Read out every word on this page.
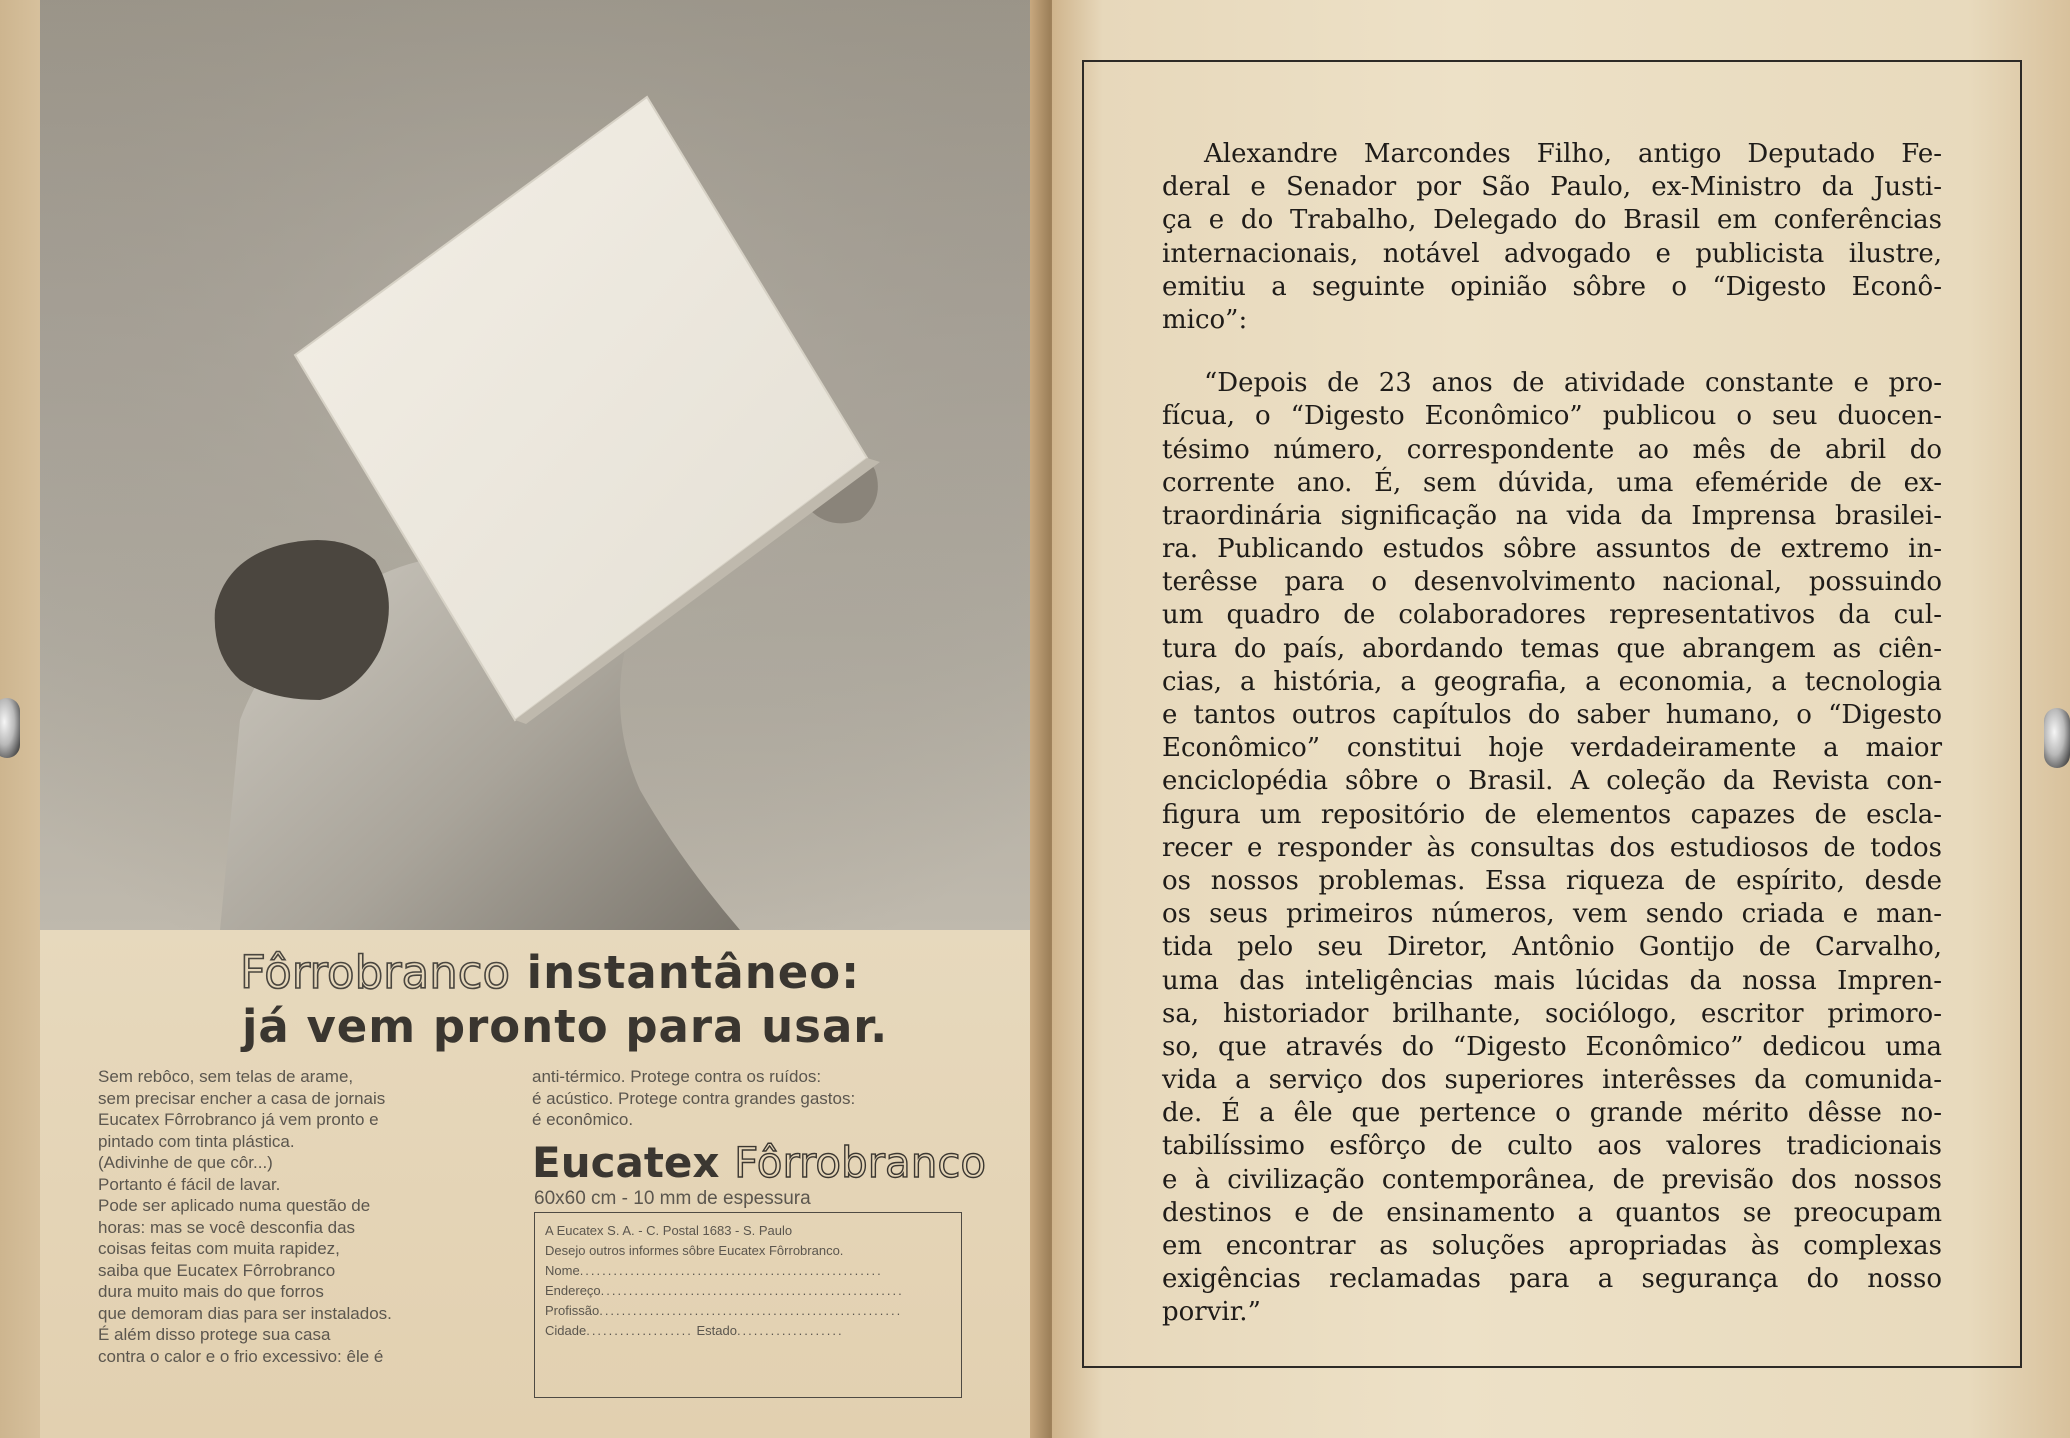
Fôrrobranco instantâneo:
já vem pronto para usar.
Sem rebôco, sem telas de arame,
sem precisar encher a casa de jornais
Eucatex Fôrrobranco já vem pronto e
pintado com tinta plástica.
(Adivinhe de que côr...)
Portanto é fácil de lavar.
Pode ser aplicado numa questão de
horas: mas se você desconfia das
coisas feitas com muita rapidez,
saiba que Eucatex Fôrrobranco
dura muito mais do que forros
que demoram dias para ser instalados.
É além disso protege sua casa
contra o calor e o frio excessivo: êle é
anti-térmico. Protege contra os ruídos:
é acústico. Protege contra grandes gastos:
é econômico.
Eucatex Fôrrobranco
60x60 cm - 10 mm de espessura
A Eucatex S. A. - C. Postal 1683 - S. Paulo
Desejo outros informes sôbre Eucatex Fôrrobranco.
Nome......................................................
Endereço......................................................
Profissão......................................................
Cidade................... Estado...................
Alexandre Marcondes Filho, antigo Deputado Fe-
deral e Senador por São Paulo, ex-Ministro da Justi-
ça e do Trabalho, Delegado do Brasil em conferências
internacionais, notável advogado e publicista ilustre,
emitiu a seguinte opinião sôbre o “Digesto Econô-
mico”:
“Depois de 23 anos de atividade constante e pro-
fícua, o “Digesto Econômico” publicou o seu duocen-
tésimo número, correspondente ao mês de abril do
corrente ano. É, sem dúvida, uma efeméride de ex-
traordinária significação na vida da Imprensa brasilei-
ra. Publicando estudos sôbre assuntos de extremo in-
terêsse para o desenvolvimento nacional, possuindo
um quadro de colaboradores representativos da cul-
tura do país, abordando temas que abrangem as ciên-
cias, a história, a geografia, a economia, a tecnologia
e tantos outros capítulos do saber humano, o “Digesto
Econômico” constitui hoje verdadeiramente a maior
enciclopédia sôbre o Brasil. A coleção da Revista con-
figura um repositório de elementos capazes de escla-
recer e responder às consultas dos estudiosos de todos
os nossos problemas. Essa riqueza de espírito, desde
os seus primeiros números, vem sendo criada e man-
tida pelo seu Diretor, Antônio Gontijo de Carvalho,
uma das inteligências mais lúcidas da nossa Impren-
sa, historiador brilhante, sociólogo, escritor primoro-
so, que através do “Digesto Econômico” dedicou uma
vida a serviço dos superiores interêsses da comunida-
de. É a êle que pertence o grande mérito dêsse no-
tabilíssimo esfôrço de culto aos valores tradicionais
e à civilização contemporânea, de previsão dos nossos
destinos e de ensinamento a quantos se preocupam
em encontrar as soluções apropriadas às complexas
exigências reclamadas para a segurança do nosso
porvir.”
